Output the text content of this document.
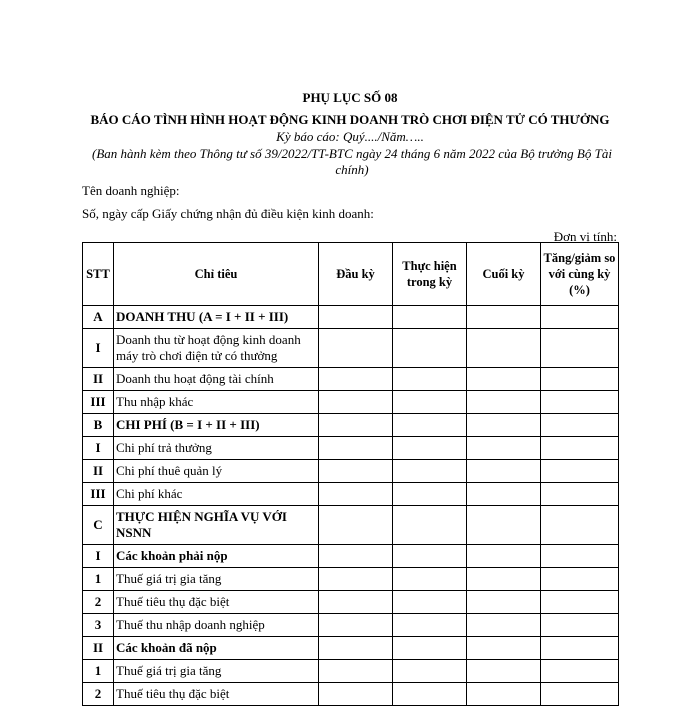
PHỤ LỤC SỐ 08
BÁO CÁO TÌNH HÌNH HOẠT ĐỘNG KINH DOANH TRÒ CHƠI ĐIỆN TỬ CÓ THƯỞNG
Kỳ báo cáo: Quý..../Năm…..
(Ban hành kèm theo Thông tư số 39/2022/TT-BTC ngày 24 tháng 6 năm 2022 của Bộ trưởng Bộ Tài chính)
Tên doanh nghiệp:
Số, ngày cấp Giấy chứng nhận đủ điều kiện kinh doanh:
Đơn vị tính:
STT	Chỉ tiêu	Đầu kỳ	Thực hiện trong kỳ	Cuối kỳ	Tăng/giảm so với cùng kỳ (%)
A	DOANH THU (A = I + II + III)				
I	Doanh thu từ hoạt động kinh doanh máy trò chơi điện tử có thưởng				
II	Doanh thu hoạt động tài chính				
III	Thu nhập khác				
B	CHI PHÍ (B = I + II + III)				
I	Chi phí trả thưởng				
II	Chi phí thuê quản lý				
III	Chi phí khác				
C	THỰC HIỆN NGHĨA VỤ VỚI NSNN				
I	Các khoản phải nộp				
1	Thuế giá trị gia tăng				
2	Thuế tiêu thụ đặc biệt				
3	Thuế thu nhập doanh nghiệp				
II	Các khoản đã nộp				
1	Thuế giá trị gia tăng				
2	Thuế tiêu thụ đặc biệt				
